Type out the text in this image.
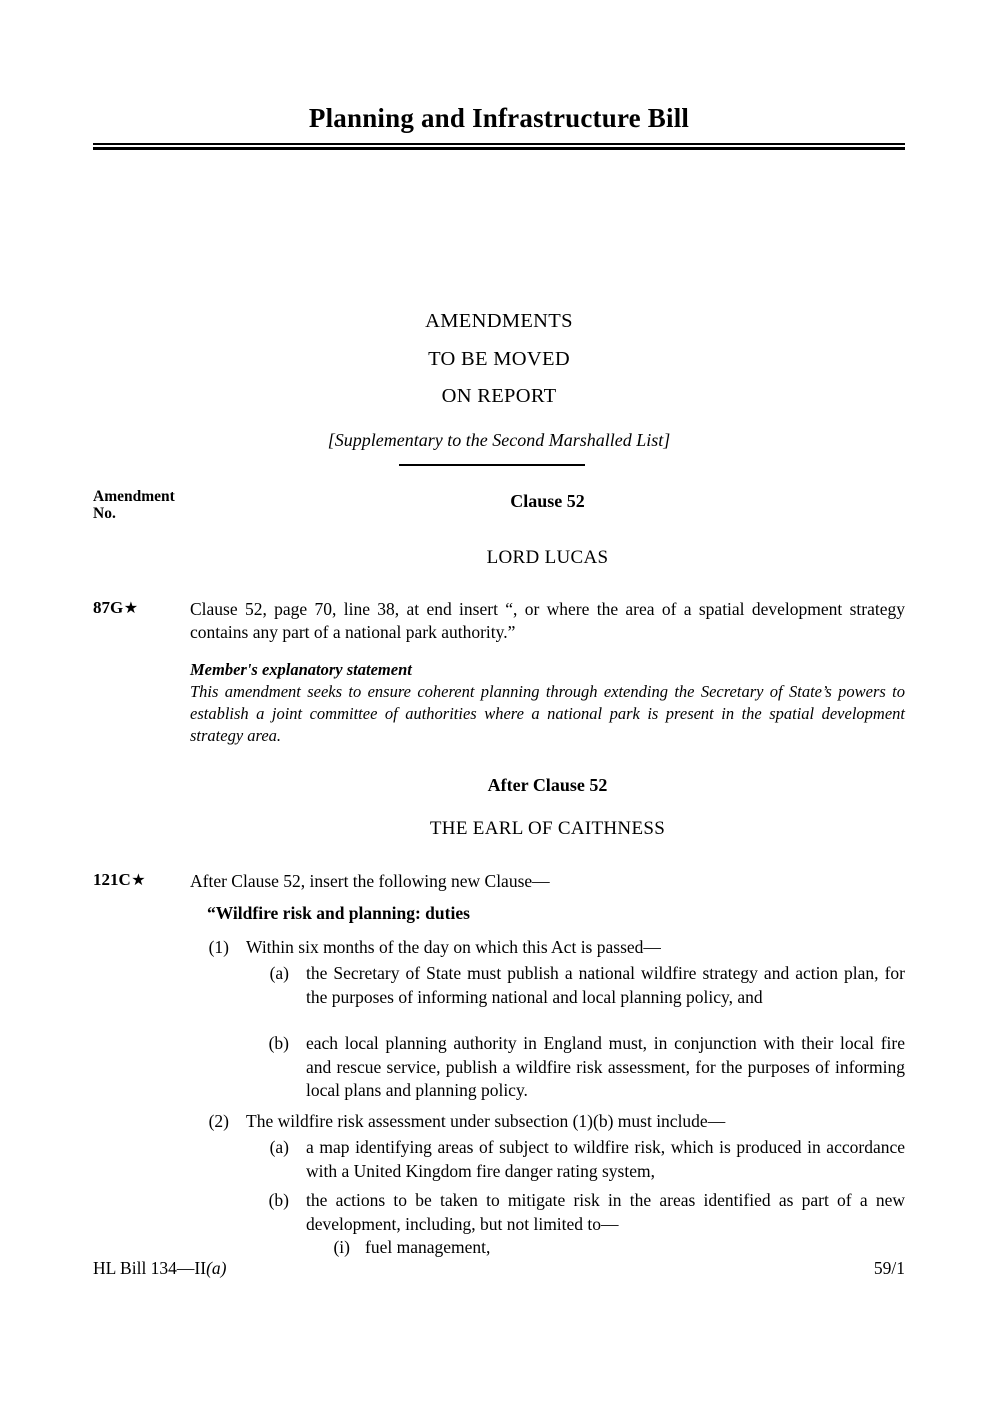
Planning and Infrastructure Bill
AMENDMENTS
TO BE MOVED
ON REPORT
[Supplementary to the Second Marshalled List]
Amendment
No.
Clause 52
LORD LUCAS
87G★	Clause 52, page 70, line 38, at end insert “, or where the area of a spatial development strategy contains any part of a national park authority.”
Member's explanatory statement
This amendment seeks to ensure coherent planning through extending the Secretary of State’s powers to establish a joint committee of authorities where a national park is present in the spatial development strategy area.
After Clause 52
THE EARL OF CAITHNESS
121C★	After Clause 52, insert the following new Clause—
“Wildfire risk and planning: duties
(1) Within six months of the day on which this Act is passed—
(a) the Secretary of State must publish a national wildfire strategy and action plan, for the purposes of informing national and local planning policy, and
(b) each local planning authority in England must, in conjunction with their local fire and rescue service, publish a wildfire risk assessment, for the purposes of informing local plans and planning policy.
(2) The wildfire risk assessment under subsection (1)(b) must include—
(a) a map identifying areas of subject to wildfire risk, which is produced in accordance with a United Kingdom fire danger rating system,
(b) the actions to be taken to mitigate risk in the areas identified as part of a new development, including, but not limited to—
(i) fuel management,
HL Bill 134—II(a)	59/1
